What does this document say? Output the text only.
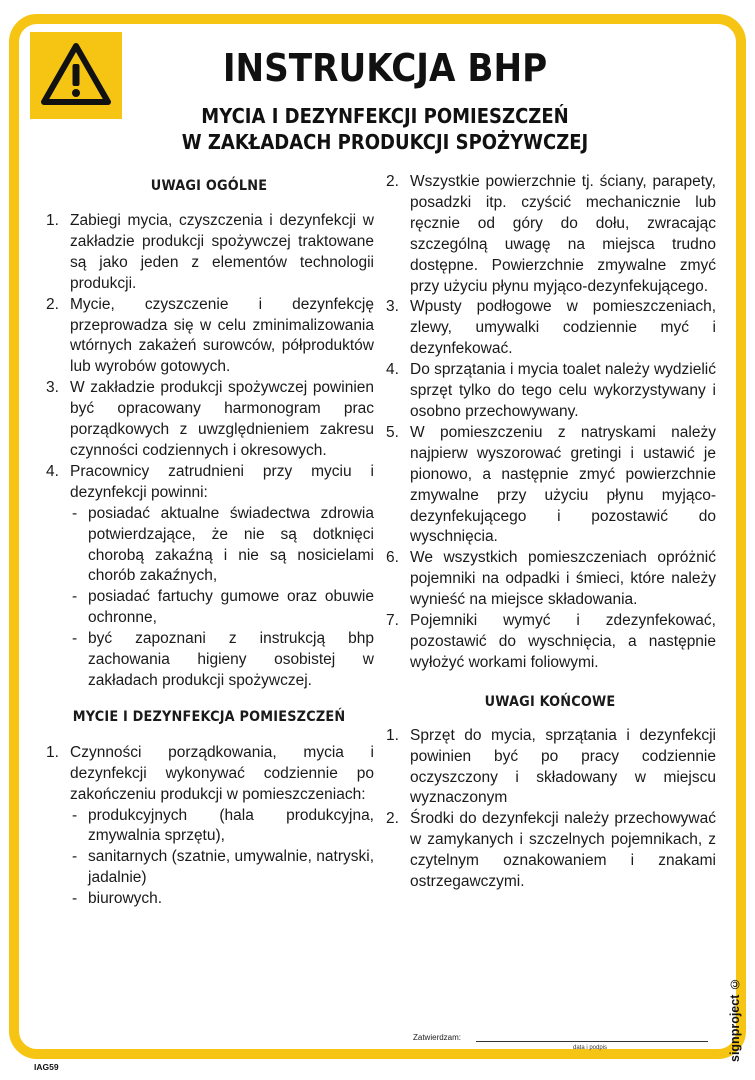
INSTRUKCJA BHP
MYCIA I DEZYNFEKCJI POMIESZCZEŃ
W ZAKŁADACH PRODUKCJI SPOŻYWCZEJ
UWAGI OGÓLNE
1. Zabiegi mycia, czyszczenia i dezynfekcji w zakładzie produkcji spożywczej traktowane są jako jeden z elementów technologii produkcji.
2. Mycie, czyszczenie i dezynfekcję przeprowadza się w celu zminimalizowania wtórnych zakażeń surowców, półproduktów lub wyrobów gotowych.
3. W zakładzie produkcji spożywczej powinien być opracowany harmonogram prac porządkowych z uwzględnieniem zakresu czynności codziennych i okresowych.
4. Pracownicy zatrudnieni przy myciu i dezynfekcji powinni:
- posiadać aktualne świadectwa zdrowia potwierdzające, że nie są dotknięci chorobą zakaźną i nie są nosicielami chorób zakaźnych,
- posiadać fartuchy gumowe oraz obuwie ochronne,
- być zapoznani z instrukcją bhp zachowania higieny osobistej w zakładach produkcji spożywczej.
MYCIE I DEZYNFEKCJA POMIESZCZEŃ
1. Czynności porządkowania, mycia i dezynfekcji wykonywać codziennie po zakończeniu produkcji w pomieszczeniach:
- produkcyjnych (hala produkcyjna, zmywalnia sprzętu),
- sanitarnych (szatnie, umywalnie, natryski, jadalnie)
- biurowych.
2. Wszystkie powierzchnie tj. ściany, parapety, posadzki itp. czyścić mechanicznie lub ręcznie od góry do dołu, zwracając szczególną uwagę na miejsca trudno dostępne. Powierzchnie zmywalne zmyć przy użyciu płynu myjąco-dezynfekującego.
3. Wpusty podłogowe w pomieszczeniach, zlewy, umywalki codziennie myć i dezynfekować.
4. Do sprzątania i mycia toalet należy wydzielić sprzęt tylko do tego celu wykorzystywany i osobno przechowywany.
5. W pomieszczeniu z natryskami należy najpierw wyszorować gretingi i ustawić je pionowo, a następnie zmyć powierzchnie zmywalne przy użyciu płynu myjąco-dezynfekującego i pozostawić do wyschnięcia.
6. We wszystkich pomieszczeniach opróżnić pojemniki na odpadki i śmieci, które należy wynieść na miejsce składowania.
7. Pojemniki wymyć i zdezynfekować, pozostawić do wyschnięcia, a następnie wyłożyć workami foliowymi.
UWAGI KOŃCOWE
1. Sprzęt do mycia, sprzątania i dezynfekcji powinien być po pracy codziennie oczyszczony i składowany w miejscu wyznaczonym
2. Środki do dezynfekcji należy przechowywać w zamykanych i szczelnych pojemnikach, z czytelnym oznakowaniem i znakami ostrzegawczymi.
Zatwierdzam:
data i podpis	signproject ©
IAG59
